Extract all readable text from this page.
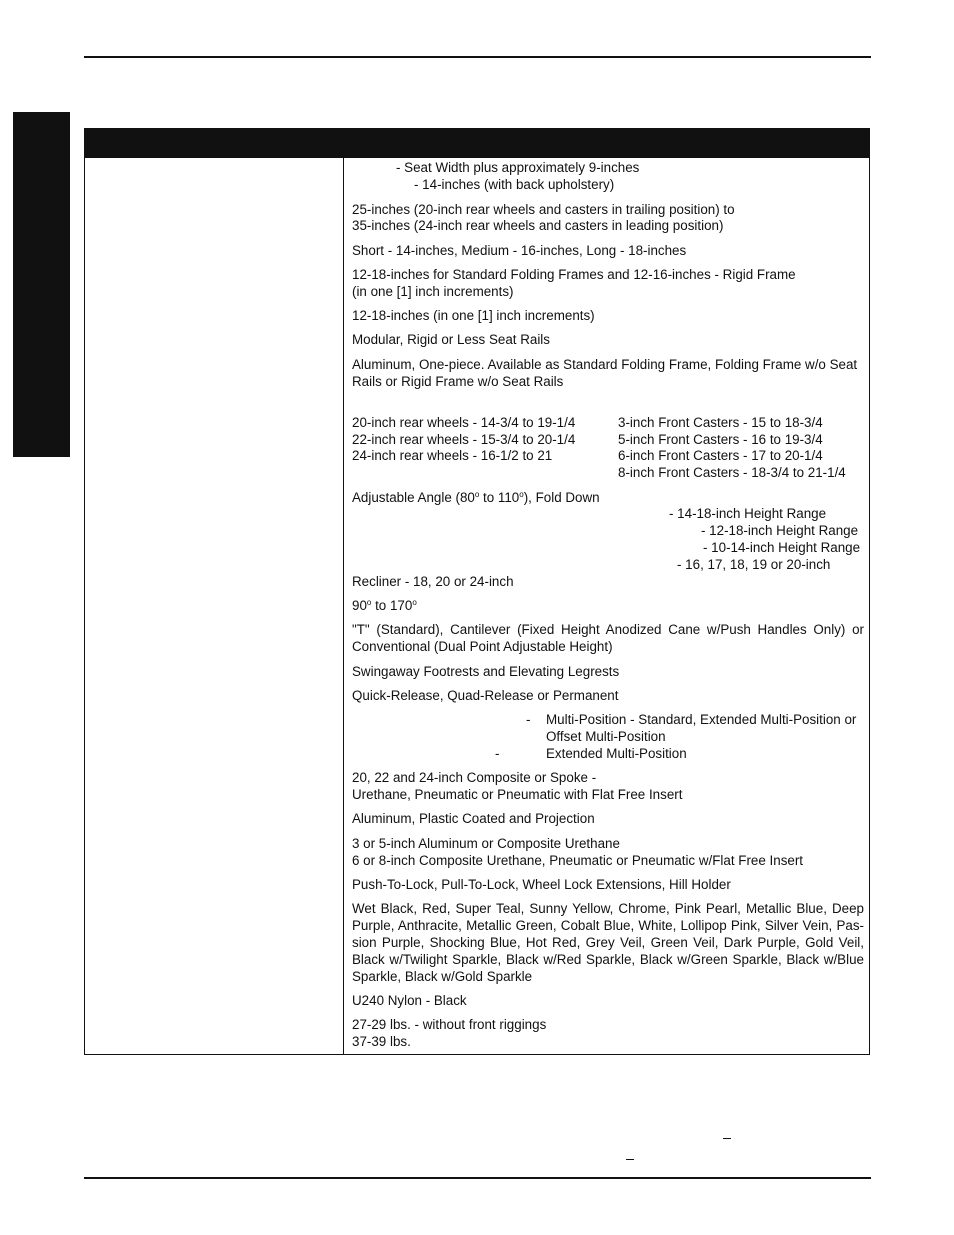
- Seat Width plus approximately 9-inches
- 14-inches (with back upholstery)
25-inches (20-inch rear wheels and casters in trailing position) to
35-inches (24-inch rear wheels and casters in leading position)
Short - 14-inches, Medium - 16-inches, Long - 18-inches
12-18-inches for Standard Folding Frames and 12-16-inches - Rigid Frame
(in one [1] inch increments)
12-18-inches (in one [1] inch increments)
Modular, Rigid or Less Seat Rails
Aluminum, One-piece. Available as Standard Folding Frame, Folding Frame w/o Seat
Rails or Rigid Frame w/o Seat Rails
20-inch rear wheels - 14-3/4 to 19-1/4
22-inch rear wheels - 15-3/4 to 20-1/4
24-inch rear wheels - 16-1/2 to 21
3-inch Front Casters - 15 to 18-3/4
5-inch Front Casters - 16 to 19-3/4
6-inch Front Casters - 17 to 20-1/4
8-inch Front Casters - 18-3/4 to 21-1/4
Adjustable Angle (80$^o$ to 110$^o$), Fold Down
- 14-18-inch Height Range
- 12-18-inch Height Range
- 10-14-inch Height Range
- 16, 17, 18, 19 or 20-inch
Recliner - 18, 20 or 24-inch
90$^o$ to 170$^o$
"T" (Standard), Cantilever (Fixed Height Anodized Cane w/Push Handles Only) or Conventional (Dual Point Adjustable Height)
Swingaway Footrests and Elevating Legrests
Quick-Release, Quad-Release or Permanent
- Multi-Position - Standard, Extended Multi-Position or
Offset Multi-Position
-	Extended Multi-Position
20, 22 and 24-inch Composite or Spoke -
Urethane, Pneumatic or Pneumatic with Flat Free Insert
Aluminum, Plastic Coated and Projection
3 or 5-inch Aluminum or Composite Urethane
6 or 8-inch Composite Urethane, Pneumatic or Pneumatic w/Flat Free Insert
Push-To-Lock, Pull-To-Lock, Wheel Lock Extensions, Hill Holder
Wet Black, Red, Super Teal, Sunny Yellow, Chrome, Pink Pearl, Metallic Blue, Deep Purple, Anthracite, Metallic Green, Cobalt Blue, White, Lollipop Pink, Silver Vein, Pas- sion Purple, Shocking Blue, Hot Red, Grey Veil, Green Veil, Dark Purple, Gold Veil, Black w/Twilight Sparkle, Black w/Red Sparkle, Black w/Green Sparkle, Black w/Blue Sparkle, Black w/Gold Sparkle
U240 Nylon - Black
27-29 lbs. - without front riggings
37-39 lbs.
